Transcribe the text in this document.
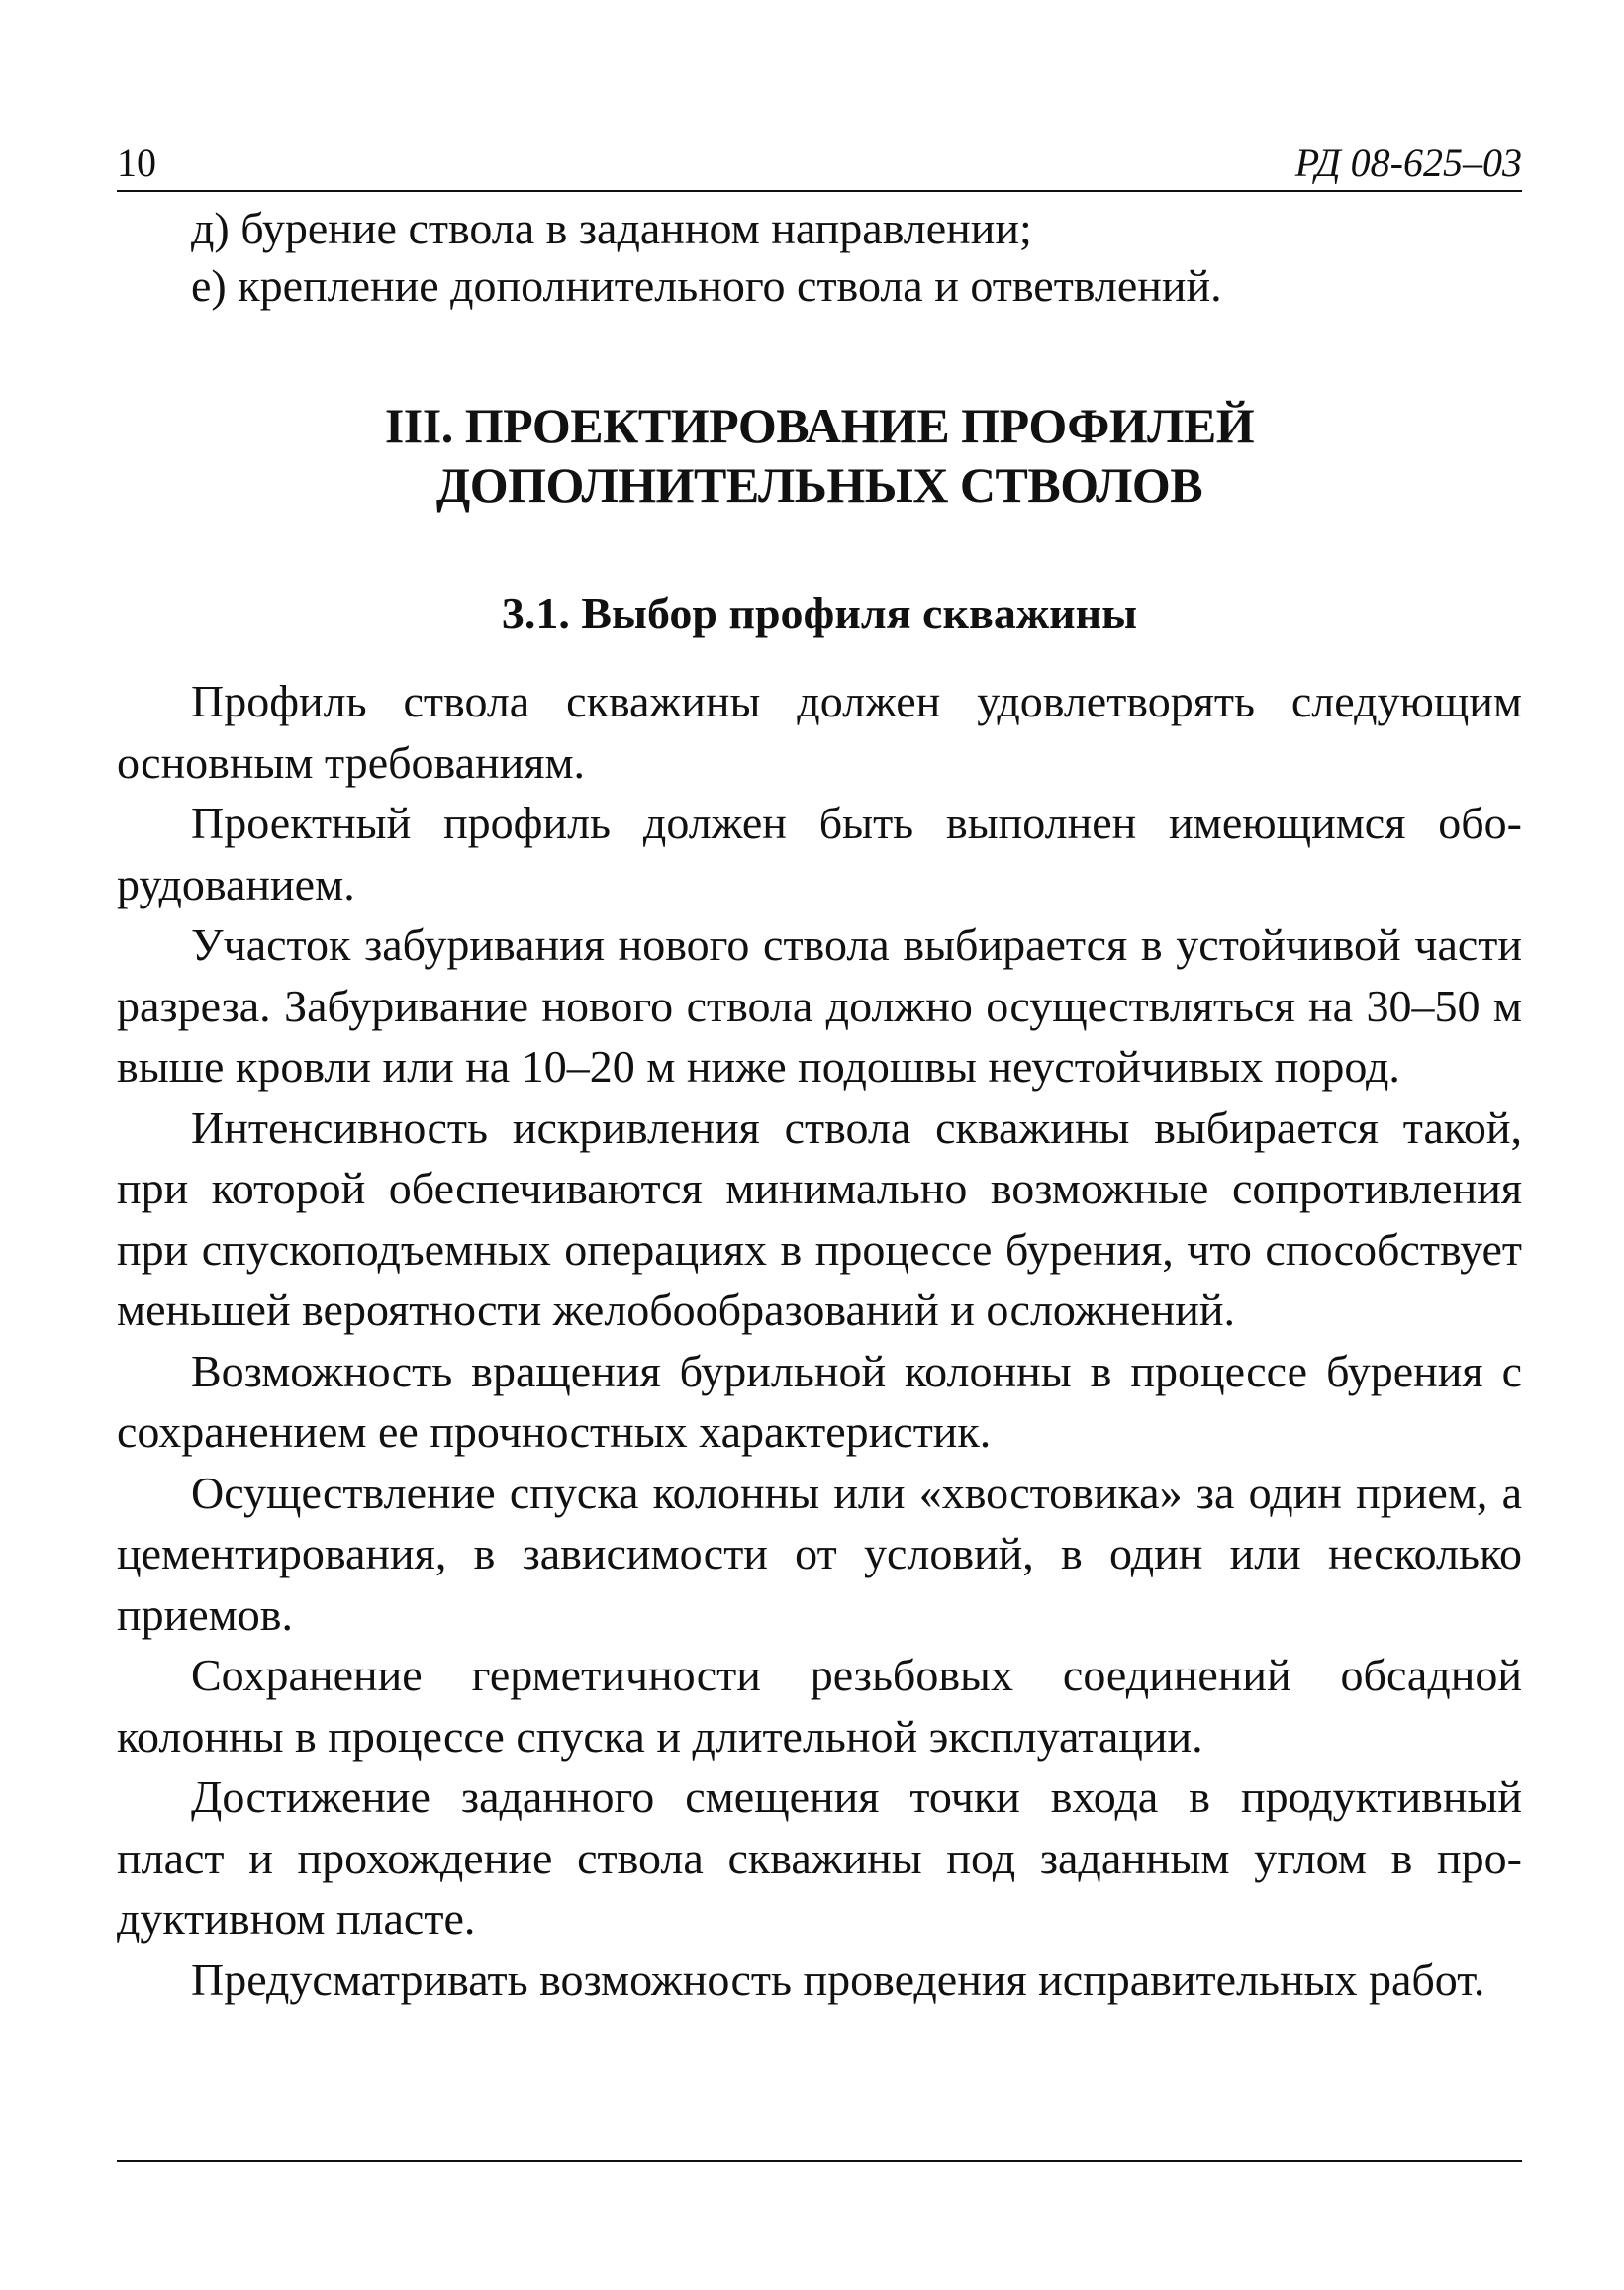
10	РД 08-625–03
д) бурение ствола в заданном направлении;
е) крепление дополнительного ствола и ответвлений.
III. ПРОЕКТИРОВАНИЕ ПРОФИЛЕЙ
ДОПОЛНИТЕЛЬНЫХ СТВОЛОВ
3.1. Выбор профиля скважины

Профиль ствола скважины должен удовлетворять следующим основным требованиям.

Проектный профиль должен быть выполнен имеющимся оборудованием.

Участок забуривания нового ствола выбирается в устойчивой части разреза. Забуривание нового ствола должно осуществляться на 30–50 м выше кровли или на 10–20 м ниже подошвы неустойчивых пород.

Интенсивность искривления ствола скважины выбирается такой, при которой обеспечиваются минимально возможные сопротивления при спускоподъемных операциях в процессе бурения, что способствует меньшей вероятности желобообразований и осложнений.

Возможность вращения бурильной колонны в процессе бурения с сохранением ее прочностных характеристик.

Осуществление спуска колонны или «хвостовика» за один прием, а цементирования, в зависимости от условий, в один или несколько приемов.

Сохранение герметичности резьбовых соединений обсадной колонны в процессе спуска и длительной эксплуатации.

Достижение заданного смещения точки входа в продуктивный пласт и прохождение ствола скважины под заданным углом в продуктивном пласте.

Предусматривать возможность проведения исправительных работ.
